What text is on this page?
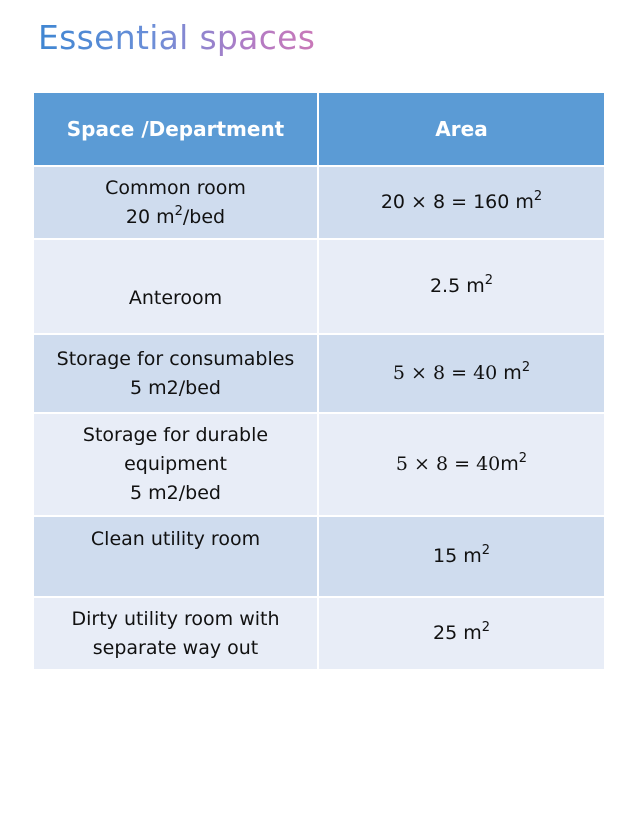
Essential spaces
Space /Department	Area

Common room
20 $m^2$/bed	20 × 8 = 160 $m^2$

Anteroom	2.5 $m^2$

Storage for consumables
5 m2/bed	5 × 8 = 40 $m^2$

Storage for durable
equipment
5 m2/bed	$5 \times 8 = 40m^2$

Clean utility room	15 $m^2$

Dirty utility room with
separate way out	25 $m^2$
